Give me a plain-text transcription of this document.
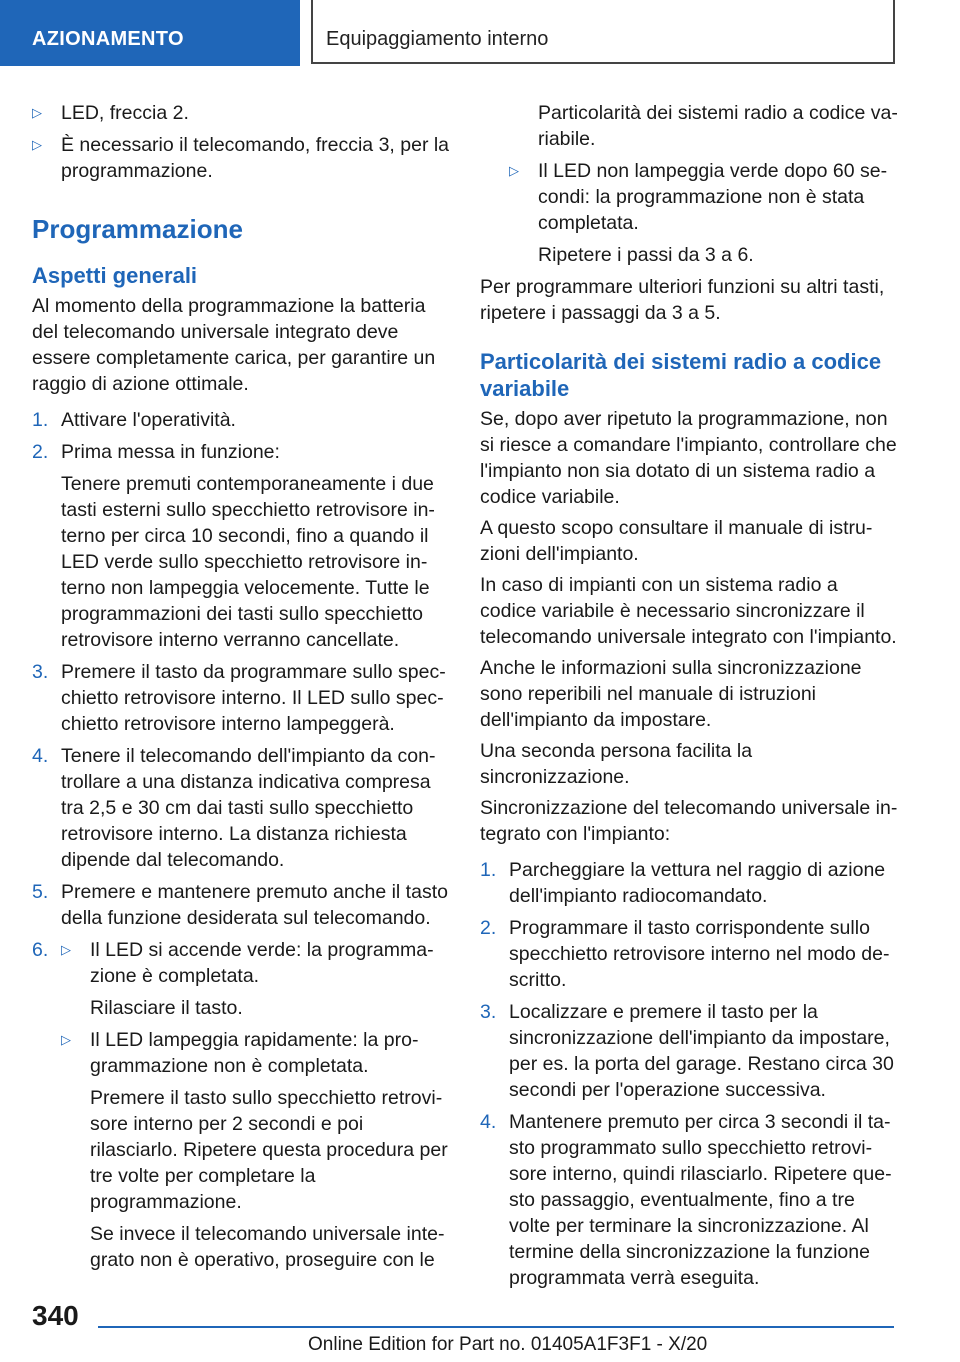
AZIONAMENTO	Equipaggiamento interno
▷ LED, freccia 2.
▷ È necessario il telecomando, freccia 3, per la programmazione.
Programmazione
Aspetti generali

Al momento della programmazione la batteria del telecomando universale integrato deve essere completamente carica, per garantire un raggio di azione ottimale.

1. Attivare l'operatività.
2. Prima messa in funzione:
Tenere premuti contemporaneamente i due tasti esterni sullo specchietto retrovisore interno per circa 10 secondi, fino a quando il LED verde sullo specchietto retrovisore interno non lampeggia velocemente. Tutte le programmazioni dei tasti sullo specchietto retrovisore interno verranno cancellate.
3. Premere il tasto da programmare sullo specchietto retrovisore interno. Il LED sullo specchietto retrovisore interno lampeggerà.
4. Tenere il telecomando dell'impianto da controllare a una distanza indicativa compresa tra 2,5 e 30 cm dai tasti sullo specchietto retrovisore interno. La distanza richiesta dipende dal telecomando.
5. Premere e mantenere premuto anche il tasto della funzione desiderata sul telecomando.
6. ▷ Il LED si accende verde: la programmazione è completata.
Rilasciare il tasto.
▷ Il LED lampeggia rapidamente: la programmazione non è completata.
Premere il tasto sullo specchietto retrovisore interno per 2 secondi e poi rilasciarlo. Ripetere questa procedura per tre volte per completare la programmazione.
Se invece il telecomando universale integrato non è operativo, proseguire con le
Particolarità dei sistemi radio a codice variabile.
▷ Il LED non lampeggia verde dopo 60 secondi: la programmazione non è stata completata.
Ripetere i passi da 3 a 6.

Per programmare ulteriori funzioni su altri tasti, ripetere i passaggi da 3 a 5.

Particolarità dei sistemi radio a codice variabile

Se, dopo aver ripetuto la programmazione, non si riesce a comandare l'impianto, controllare che l'impianto non sia dotato di un sistema radio a codice variabile.

A questo scopo consultare il manuale di istruzioni dell'impianto.

In caso di impianti con un sistema radio a codice variabile è necessario sincronizzare il telecomando universale integrato con l'impianto.

Anche le informazioni sulla sincronizzazione sono reperibili nel manuale di istruzioni dell'impianto da impostare.

Una seconda persona facilita la sincronizzazione.

Sincronizzazione del telecomando universale integrato con l'impianto:

1. Parcheggiare la vettura nel raggio di azione dell'impianto radiocomandato.
2. Programmare il tasto corrispondente sullo specchietto retrovisore interno nel modo descritto.
3. Localizzare e premere il tasto per la sincronizzazione dell'impianto da impostare, per es. la porta del garage. Restano circa 30 secondi per l'operazione successiva.
4. Mantenere premuto per circa 3 secondi il tasto programmato sullo specchietto retrovisore interno, quindi rilasciarlo. Ripetere questo passaggio, eventualmente, fino a tre volte per terminare la sincronizzazione. Al termine della sincronizzazione la funzione programmata verrà eseguita.
340
Online Edition for Part no. 01405A1F3F1 - X/20
